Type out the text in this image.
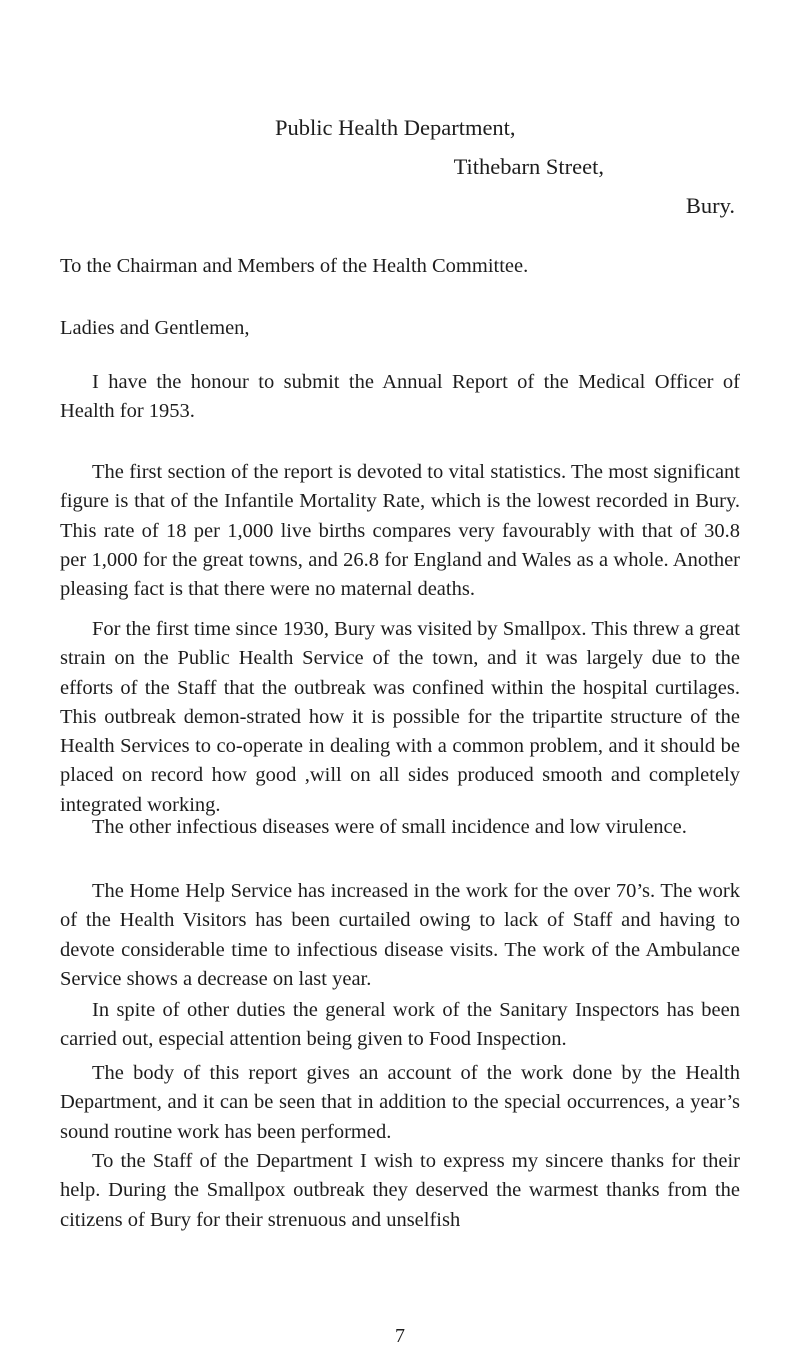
Public Health Department,
Tithebarn Street,
Bury.

To the Chairman and Members of the Health Committee.

Ladies and Gentlemen,

I have the honour to submit the Annual Report of the Medical Officer of Health for 1953.

The first section of the report is devoted to vital statistics. The most significant figure is that of the Infantile Mortality Rate, which is the lowest recorded in Bury. This rate of 18 per 1,000 live births compares very favourably with that of 30.8 per 1,000 for the great towns, and 26.8 for England and Wales as a whole. Another pleasing fact is that there were no maternal deaths.

For the first time since 1930, Bury was visited by Smallpox. This threw a great strain on the Public Health Service of the town, and it was largely due to the efforts of the Staff that the outbreak was confined within the hospital curtilages. This outbreak demon-strated how it is possible for the tripartite structure of the Health Services to co-operate in dealing with a common problem, and it should be placed on record how good ,will on all sides produced smooth and completely integrated working.

The other infectious diseases were of small incidence and low virulence.

The Home Help Service has increased in the work for the over 70’s. The work of the Health Visitors has been curtailed owing to lack of Staff and having to devote considerable time to infectious disease visits. The work of the Ambulance Service shows a decrease on last year.

In spite of other duties the general work of the Sanitary Inspectors has been carried out, especial attention being given to Food Inspection.

The body of this report gives an account of the work done by the Health Department, and it can be seen that in addition to the special occurrences, a year’s sound routine work has been performed.

To the Staff of the Department I wish to express my sincere thanks for their help. During the Smallpox outbreak they deserved the warmest thanks from the citizens of Bury for their strenuous and unselfish

7
